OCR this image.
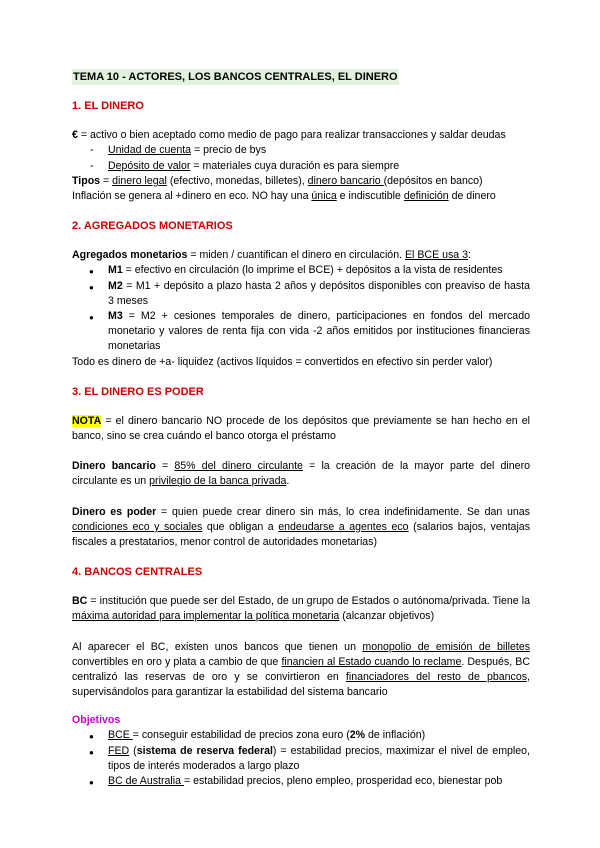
TEMA 10 - ACTORES, LOS BANCOS CENTRALES, EL DINERO

1. EL DINERO

€ = activo o bien aceptado como medio de pago para realizar transacciones y saldar deudas

- Unidad de cuenta = precio de bys
- Depósito de valor = materiales cuya duración es para siempre

Tipos = dinero legal (efectivo, monedas, billetes), dinero bancario (depósitos en banco)

Inflación se genera al +dinero en eco. NO hay una única e indiscutible definición de dinero

2. AGREGADOS MONETARIOS

Agregados monetarios = miden / cuantifican el dinero en circulación. El BCE usa 3:

● M1 = efectivo en circulación (lo imprime el BCE) + depósitos a la vista de residentes
● M2 = M1 + depósito a plazo hasta 2 años y depósitos disponibles con preaviso de hasta 3 meses
● M3 = M2 + cesiones temporales de dinero, participaciones en fondos del mercado monetario y valores de renta fija con vida -2 años emitidos por instituciones financieras monetarias

Todo es dinero de +a- liquidez (activos líquidos = convertidos en efectivo sin perder valor)

3. EL DINERO ES PODER

NOTA = el dinero bancario NO procede de los depósitos que previamente se han hecho en el banco, sino se crea cuándo el banco otorga el préstamo

Dinero bancario = 85% del dinero circulante = la creación de la mayor parte del dinero circulante es un privilegio de la banca privada.

Dinero es poder = quien puede crear dinero sin más, lo crea indefinidamente. Se dan unas condiciones eco y sociales que obligan a endeudarse a agentes eco (salarios bajos, ventajas fiscales a prestatarios, menor control de autoridades monetarias)

4. BANCOS CENTRALES

BC = institución que puede ser del Estado, de un grupo de Estados o autónoma/privada. Tiene la máxima autoridad para implementar la política monetaria (alcanzar objetivos)

Al aparecer el BC, existen unos bancos que tienen un monopolio de emisión de billetes convertibles en oro y plata a cambio de que financien al Estado cuando lo reclame. Después, BC centralizó las reservas de oro y se convirtieron en financiadores del resto de pbancos, supervisándolos para garantizar la estabilidad del sistema bancario

Objetivos

● BCE = conseguir estabilidad de precios zona euro (2% de inflación)
● FED (sistema de reserva federal) = estabilidad precios, maximizar el nivel de empleo, tipos de interés moderados a largo plazo
● BC de Australia = estabilidad precios, pleno empleo, prosperidad eco, bienestar pob
